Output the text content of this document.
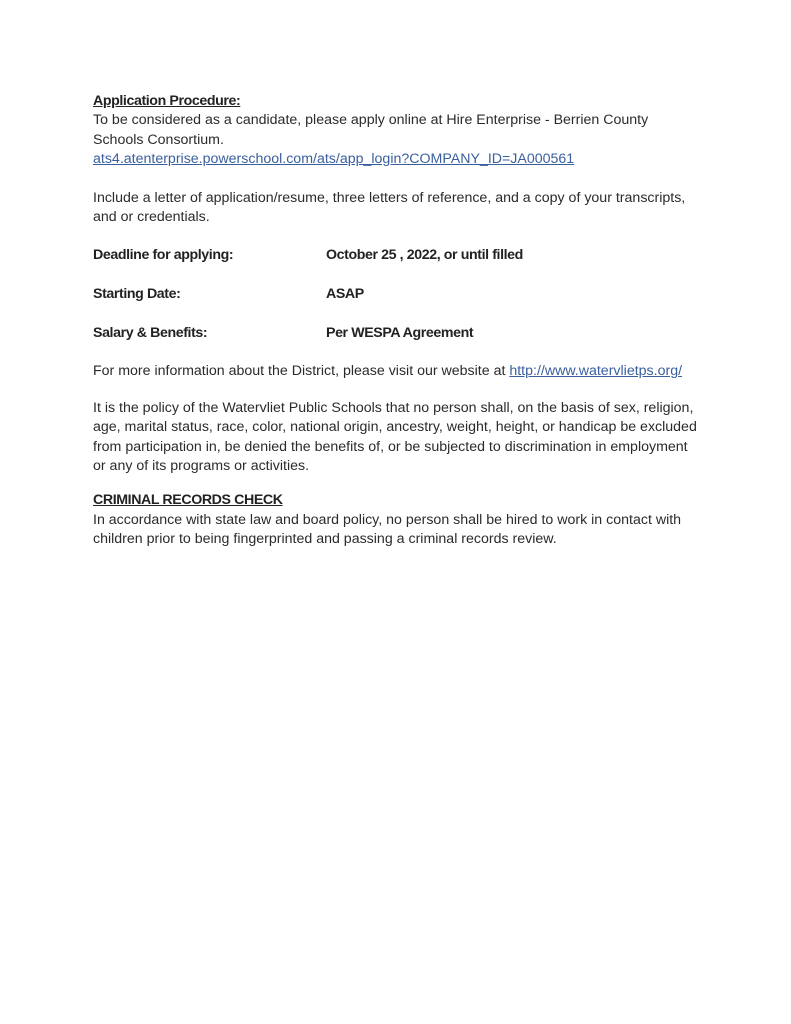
Application Procedure:

To be considered as a candidate, please apply online at Hire Enterprise - Berrien County

Schools Consortium.

ats4.atenterprise.powerschool.com/ats/app_login?COMPANY_ID=JA000561

Include a letter of application/resume, three letters of reference, and a copy of your transcripts,

and or credentials.

Deadline for applying:	October 25 , 2022, or until filled
Starting Date:	ASAP
Salary & Benefits:	Per WESPA Agreement

For more information about the District, please visit our website at http://www.watervlietps.org/

It is the policy of the Watervliet Public Schools that no person shall, on the basis of sex, religion,

age, marital status, race, color, national origin, ancestry, weight, height, or handicap be excluded

from participation in, be denied the benefits of, or be subjected to discrimination in employment

or any of its programs or activities.

CRIMINAL RECORDS CHECK

In accordance with state law and board policy, no person shall be hired to work in contact with

children prior to being fingerprinted and passing a criminal records review.
